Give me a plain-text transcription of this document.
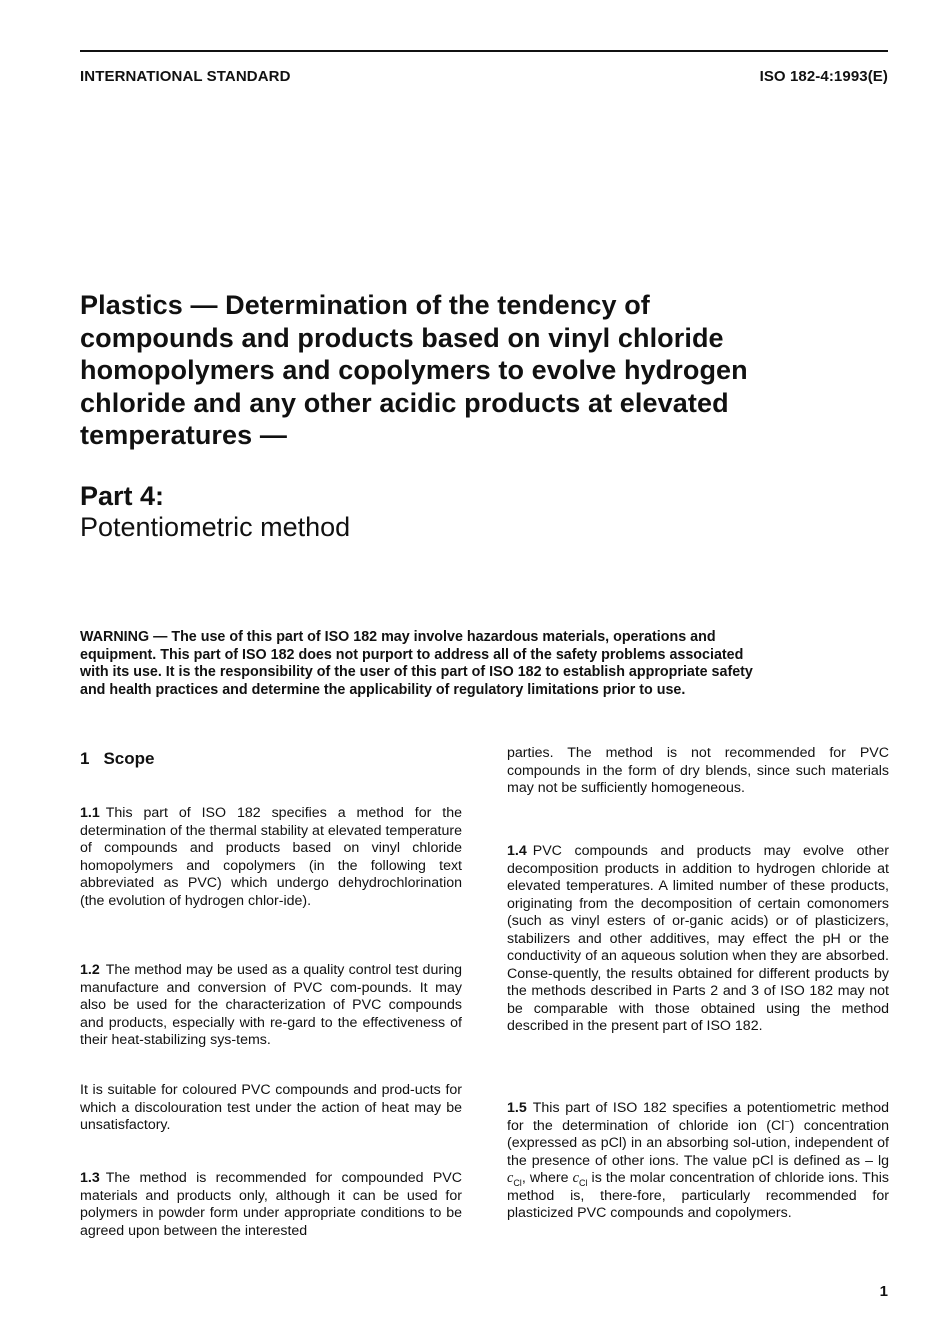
INTERNATIONAL STANDARD	ISO 182-4:1993(E)
Plastics — Determination of the tendency of
compounds and products based on vinyl chloride
homopolymers and copolymers to evolve hydrogen
chloride and any other acidic products at elevated
temperatures —
Part 4:
Potentiometric method
WARNING — The use of this part of ISO 182 may involve hazardous materials, operations and
equipment. This part of ISO 182 does not purport to address all of the safety problems associated
with its use. It is the responsibility of the user of this part of ISO 182 to establish appropriate safety
and health practices and determine the applicability of regulatory limitations prior to use.
1 Scope

1.1 This part of ISO 182 specifies a method for the determination of the thermal stability at elevated temperature of compounds and products based on vinyl chloride homopolymers and copolymers (in the following text abbreviated as PVC) which undergo dehydrochlorination (the evolution of hydrogen chlor-ide).

1.2 The method may be used as a quality control test during manufacture and conversion of PVC com-pounds. It may also be used for the characterization of PVC compounds and products, especially with re-gard to the effectiveness of their heat-stabilizing sys-tems.

It is suitable for coloured PVC compounds and prod-ucts for which a discolouration test under the action of heat may be unsatisfactory.

1.3 The method is recommended for compounded PVC materials and products only, although it can be used for polymers in powder form under appropriate conditions to be agreed upon between the interested

parties. The method is not recommended for PVC compounds in the form of dry blends, since such materials may not be sufficiently homogeneous.

1.4 PVC compounds and products may evolve other decomposition products in addition to hydrogen chloride at elevated temperatures. A limited number of these products, originating from the decomposition of certain comonomers (such as vinyl esters of or-ganic acids) or of plasticizers, stabilizers and other additives, may effect the pH or the conductivity of an aqueous solution when they are absorbed. Conse-quently, the results obtained for different products by the methods described in Parts 2 and 3 of ISO 182 may not be comparable with those obtained using the method described in the present part of ISO 182.

1.5 This part of ISO 182 specifies a potentiometric method for the determination of chloride ion (Cl−) concentration (expressed as pCl) in an absorbing sol-ution, independent of the presence of other ions. The value pCl is defined as – $\lg c_{Cl}$, where $c_{Cl}$ is the molar concentration of chloride ions. This method is, there-fore, particularly recommended for plasticized PVC compounds and copolymers.

1
